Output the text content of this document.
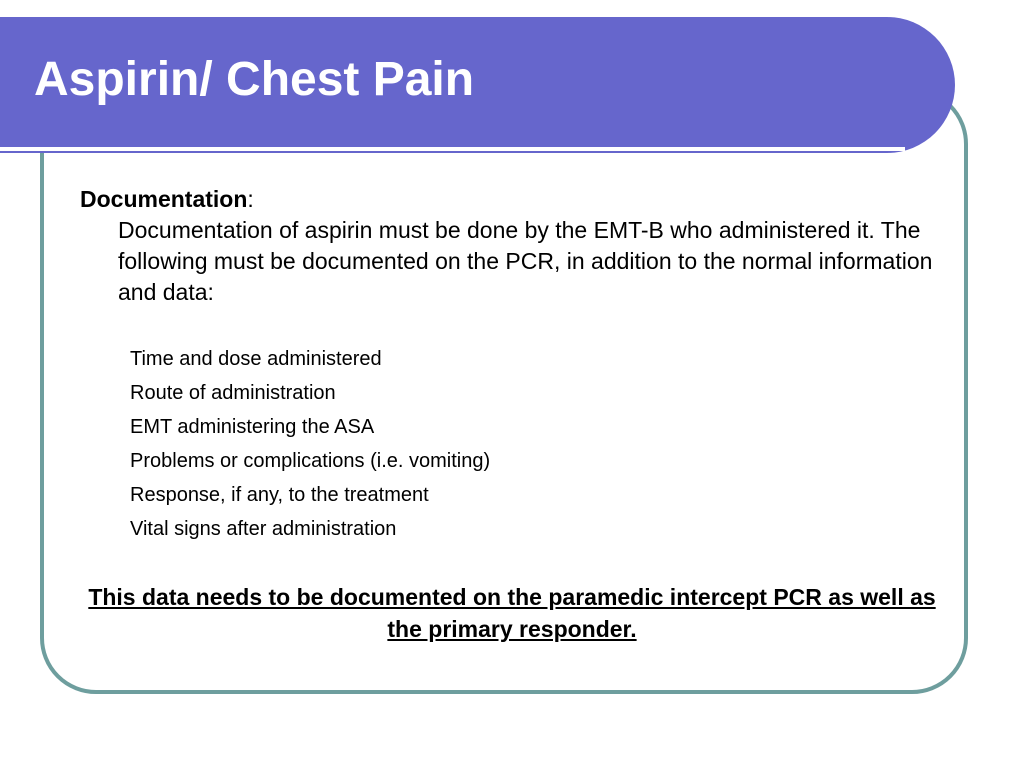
Aspirin/ Chest Pain
Documentation:

Documentation of aspirin must be done by the EMT-B who administered it. The following must be documented on the PCR, in addition to the normal information and data:

Time and dose administered
Route of administration
EMT administering the ASA
Problems or complications (i.e. vomiting)
Response, if any, to the treatment
Vital signs after administration

This data needs to be documented on the paramedic intercept PCR as well as the primary responder.
